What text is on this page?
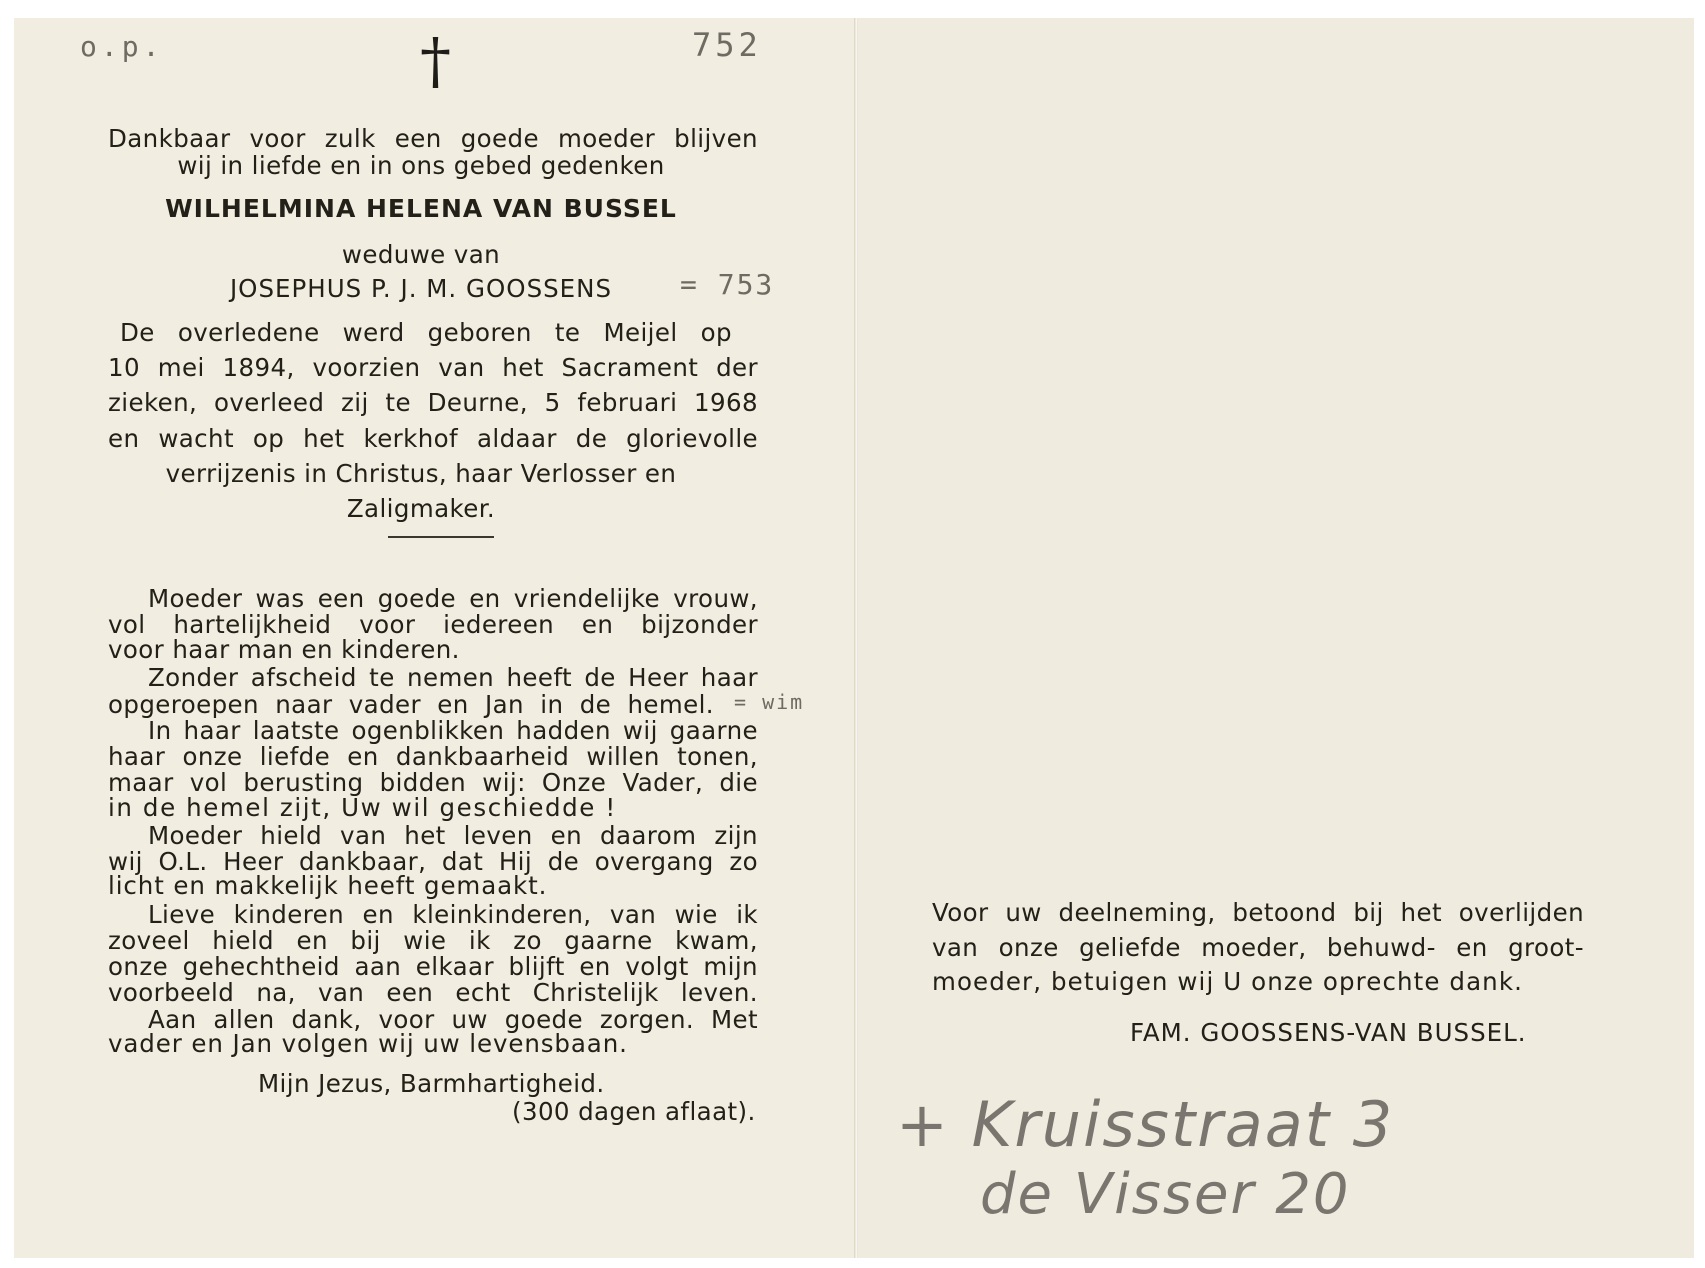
o.p.	752
= 753
= wim
†
Dankbaar voor zulk een goede moeder blijven
wij in liefde en in ons gebed gedenken
WILHELMINA HELENA VAN BUSSEL
weduwe van
JOSEPHUS P. J. M. GOOSSENS
De overledene werd geboren te Meijel op
10 mei 1894, voorzien van het Sacrament der
zieken, overleed zij te Deurne, 5 februari 1968
en wacht op het kerkhof aldaar de glorievolle
verrijzenis in Christus, haar Verlosser en
Zaligmaker.
Moeder was een goede en vriendelijke vrouw,
vol hartelijkheid voor iedereen en bijzonder
voor haar man en kinderen.
Zonder afscheid te nemen heeft de Heer haar
opgeroepen naar vader en Jan in de hemel.
In haar laatste ogenblikken hadden wij gaarne
haar onze liefde en dankbaarheid willen tonen,
maar vol berusting bidden wij: Onze Vader, die
in de hemel zijt, Uw wil geschiedde !
Moeder hield van het leven en daarom zijn
wij O.L. Heer dankbaar, dat Hij de overgang zo
licht en makkelijk heeft gemaakt.
Lieve kinderen en kleinkinderen, van wie ik
zoveel hield en bij wie ik zo gaarne kwam,
onze gehechtheid aan elkaar blijft en volgt mijn
voorbeeld na, van een echt Christelijk leven.
Aan allen dank, voor uw goede zorgen. Met
vader en Jan volgen wij uw levensbaan.
Mijn Jezus, Barmhartigheid.
(300 dagen aflaat).
Voor uw deelneming, betoond bij het overlijden
van onze geliefde moeder, behuwd- en groot-
moeder, betuigen wij U onze oprechte dank.
FAM. GOOSSENS-VAN BUSSEL.
+ Kruisstraat 3
de Visser 20
